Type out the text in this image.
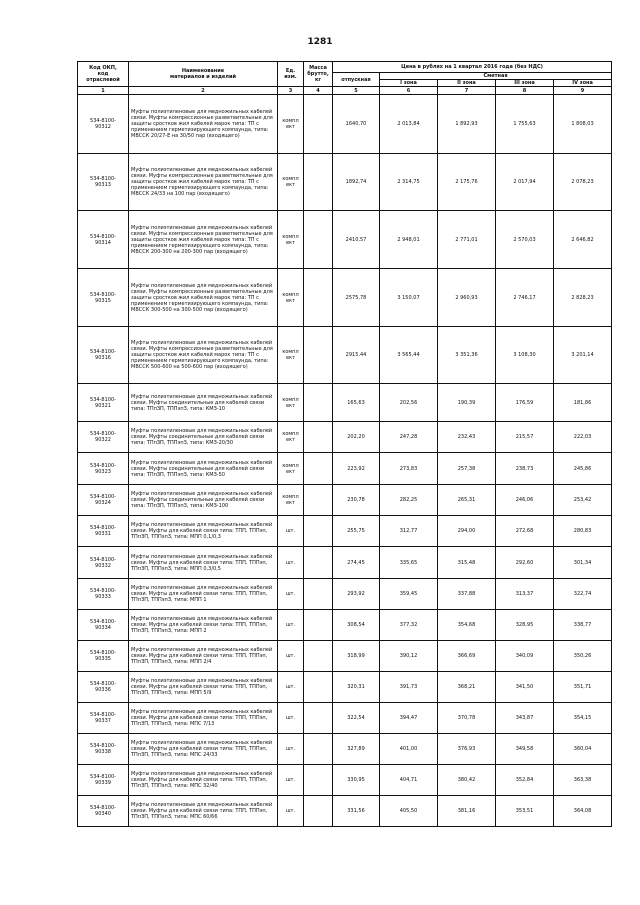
1281
Код ОКП,
код
отраслевой	Наименование
материалов и изделий	Ед.
изм.	Масса
брутто,
кг	Цена в рублях на 1 квартал 2016 года (без НДС)				
				отпускная	Сметная			
					I зона	II зона	III зона	IV зона
1	2	3	4	5	6	7	8	9
534-8100-
90312	Муфты полиэтиленовые для медножильных кабелей связи. Муфты компрессионные разветвительные для защиты сростков жил кабелей марок типа: ТП с применением герметизирующего компаунда, типа: МВССК 20/27-Е на 30/50 пар (входящего)	компл
ект		1640,70	2 013,84	1 892,93	1 755,63	1 808,03
534-8100-
90313	Муфты полиэтиленовые для медножильных кабелей связи. Муфты компрессионные разветвительные для защиты сростков жил кабелей марок типа: ТП с применением герметизирующего компаунда, типа: МВССК 24/33 на 100 пар (входящего)	компл
ект		1892,74	2 314,75	2 175,76	2 017,94	2 078,23
534-8100-
90314	Муфты полиэтиленовые для медножильных кабелей связи. Муфты компрессионные разветвительные для защиты сростков жил кабелей марок типа: ТП с применением герметизирующего компаунда, типа: МВССК 200-300 на 200-300 пар (входящего)	компл
ект		2410,57	2 948,01	2 771,01	2 570,03	2 646,82
534-8100-
90315	Муфты полиэтиленовые для медножильных кабелей связи. Муфты компрессионные разветвительные для защиты сростков жил кабелей марок типа: ТП с применением герметизирующего компаунда, типа: МВССК 300-500 на 300-500 пар (входящего)	компл
ект		2575,78	3 150,07	2 960,93	2 746,17	2 828,23
534-8100-
90316	Муфты полиэтиленовые для медножильных кабелей связи. Муфты компрессионные разветвительные для защиты сростков жил кабелей марок типа: ТП с применением герметизирующего компаунда, типа: МВССК 500-600 на 500-600 пар (входящего)	компл
ект		2915,44	3 565,44	3 351,36	3 108,30	3 201,14
534-8100-
90321	Муфты полиэтиленовые для медножильных кабелей связи. Муфты соединительные для кабелей связи типа: ТПпЗП, ТППэпЗ, типа: КМЗ-10	компл
ект		165,63	202,56	190,39	176,59	181,86
534-8100-
90322	Муфты полиэтиленовые для медножильных кабелей связи. Муфты соединительные для кабелей связи типа: ТПпЗП, ТППэпЗ, типа: КМЗ-20/30	компл
ект		202,20	247,28	232,43	215,57	222,03
534-8100-
90323	Муфты полиэтиленовые для медножильных кабелей связи. Муфты соединительные для кабелей связи типа: ТПпЗП, ТППэпЗ, типа: КМЗ-50	компл
ект		223,92	273,83	257,38	238,73	245,86
534-8100-
90324	Муфты полиэтиленовые для медножильных кабелей связи. Муфты соединительные для кабелей связи типа: ТПпЗП, ТППэпЗ, типа: КМЗ-100	компл
ект		230,78	282,25	265,31	246,06	253,42
534-8100-
90331	Муфты полиэтиленовые для медножильных кабелей связи. Муфты для кабелей связи типа: ТПП, ТППэп, ТПпЗП, ТППэпЗ, типа: МПП 0,1/0,3	шт.		255,75	312,77	294,00	272,68	280,83
534-8100-
90332	Муфты полиэтиленовые для медножильных кабелей связи. Муфты для кабелей связи типа: ТПП, ТППэп, ТПпЗП, ТППэпЗ, типа: МПП 0,3/0,5	шт.		274,45	335,65	315,48	292,60	301,34
534-8100-
90333	Муфты полиэтиленовые для медножильных кабелей связи. Муфты для кабелей связи типа: ТПП, ТППэп, ТПпЗП, ТППэпЗ, типа: МПП 1	шт.		293,92	359,45	337,88	313,37	322,74
534-8100-
90334	Муфты полиэтиленовые для медножильных кабелей связи. Муфты для кабелей связи типа: ТПП, ТППэп, ТПпЗП, ТППэпЗ, типа: МПП 2	шт.		308,54	377,32	354,68	328,95	338,77
534-8100-
90335	Муфты полиэтиленовые для медножильных кабелей связи. Муфты для кабелей связи типа: ТПП, ТППэп, ТПпЗП, ТППэпЗ, типа: МПП 2/4	шт.		318,99	390,12	366,69	340,09	350,26
534-8100-
90336	Муфты полиэтиленовые для медножильных кабелей связи. Муфты для кабелей связи типа: ТПП, ТППэп, ТПпЗП, ТППэпЗ, типа: МПП 5/9	шт.		320,31	391,73	368,21	341,50	351,71
534-8100-
90337	Муфты полиэтиленовые для медножильных кабелей связи. Муфты для кабелей связи типа: ТПП, ТППэп, ТПпЗП, ТППэпЗ, типа: МПС 7/13	шт.		322,54	394,47	370,78	343,87	354,15
534-8100-
90338	Муфты полиэтиленовые для медножильных кабелей связи. Муфты для кабелей связи типа: ТПП, ТППэп, ТПпЗП, ТППэпЗ, типа: МПС 24/33	шт.		327,89	401,00	376,93	349,58	360,04
534-8100-
90339	Муфты полиэтиленовые для медножильных кабелей связи. Муфты для кабелей связи типа: ТПП, ТППэп, ТПпЗП, ТППэпЗ, типа: МПС 32/40	шт.		330,95	404,71	380,42	352,84	363,38
534-8100-
90340	Муфты полиэтиленовые для медножильных кабелей связи. Муфты для кабелей связи типа: ТПП, ТППэп, ТПпЗП, ТППэпЗ, типа: МПС 60/66	шт.		331,56	405,50	381,16	353,51	364,08
